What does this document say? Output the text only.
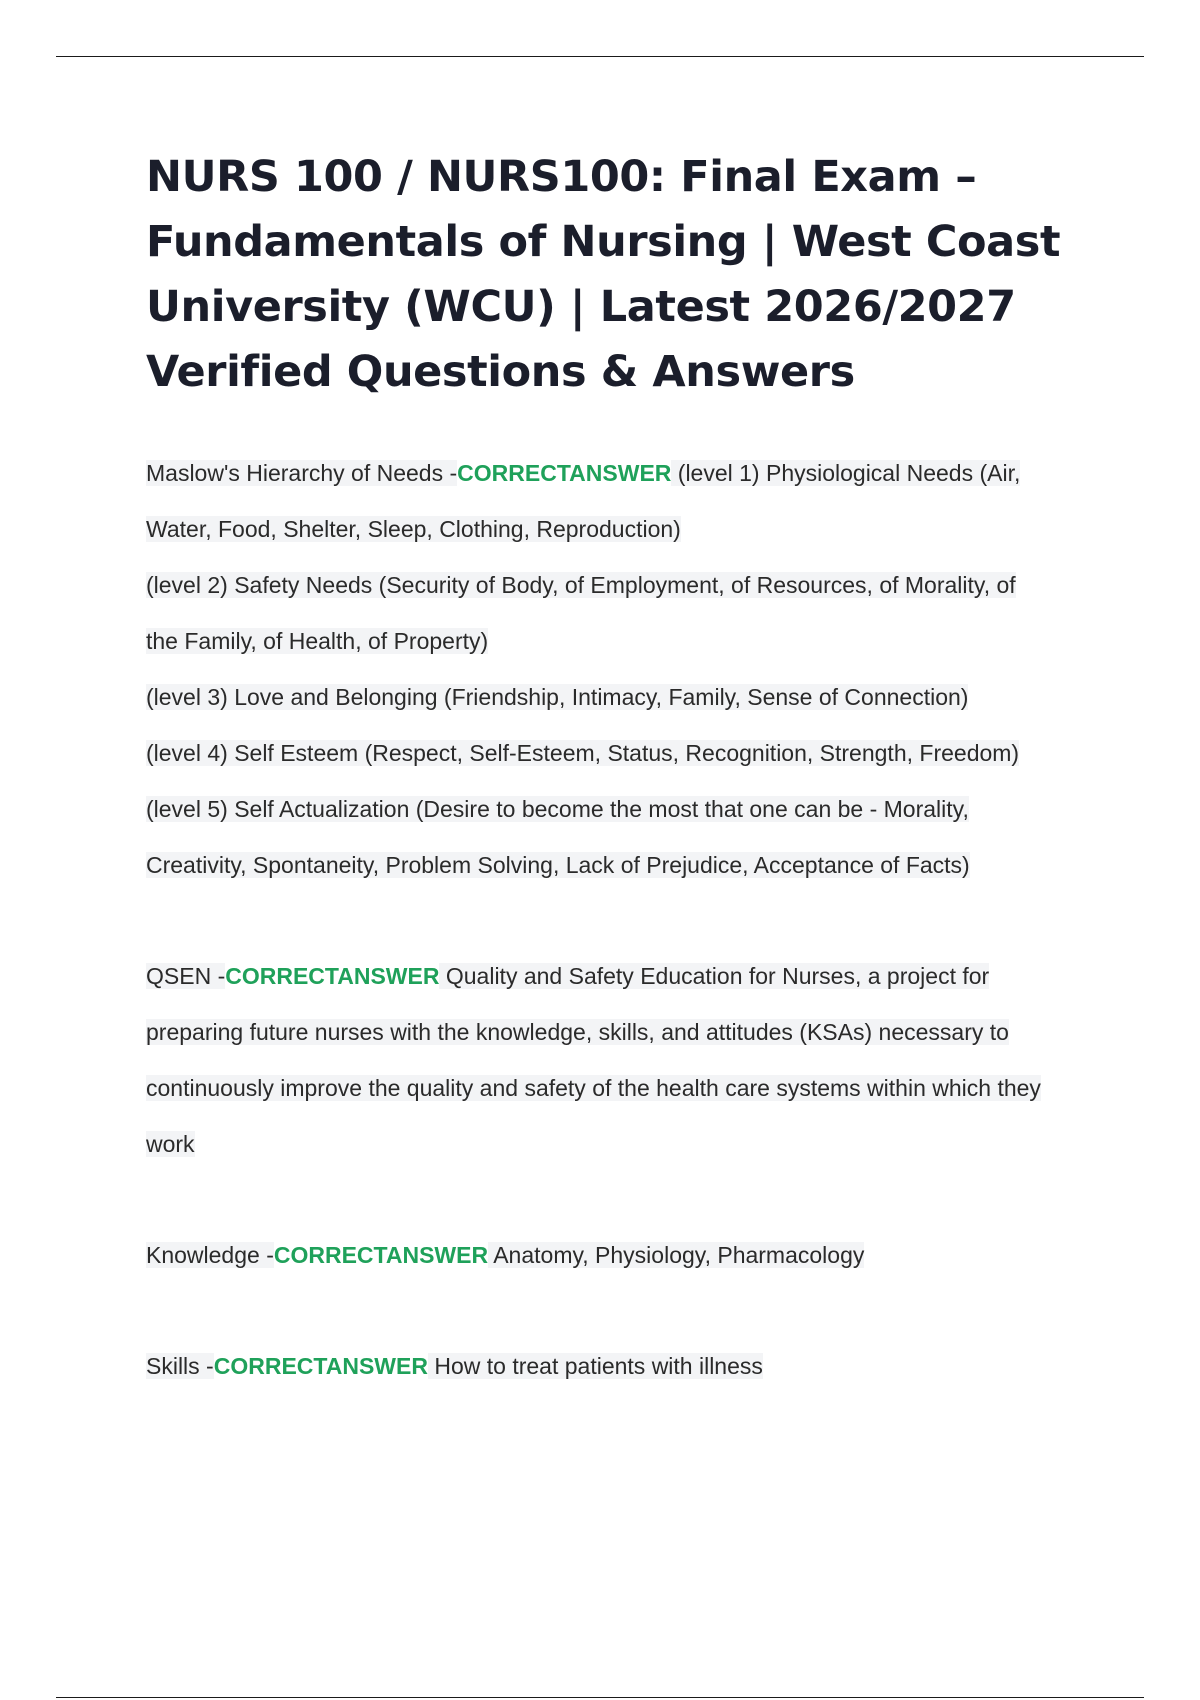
NURS 100 / NURS100: Final Exam –
Fundamentals of Nursing | West Coast
University (WCU) | Latest 2026/2027
Verified Questions & Answers
Maslow's Hierarchy of Needs -CORRECTANSWER (level 1) Physiological Needs (Air,
Water, Food, Shelter, Sleep, Clothing, Reproduction)
(level 2) Safety Needs (Security of Body, of Employment, of Resources, of Morality, of
the Family, of Health, of Property)
(level 3) Love and Belonging (Friendship, Intimacy, Family, Sense of Connection)
(level 4) Self Esteem (Respect, Self-Esteem, Status, Recognition, Strength, Freedom)
(level 5) Self Actualization (Desire to become the most that one can be - Morality,
Creativity, Spontaneity, Problem Solving, Lack of Prejudice, Acceptance of Facts)
QSEN -CORRECTANSWER Quality and Safety Education for Nurses, a project for
preparing future nurses with the knowledge, skills, and attitudes (KSAs) necessary to
continuously improve the quality and safety of the health care systems within which they
work
Knowledge -CORRECTANSWER Anatomy, Physiology, Pharmacology
Skills -CORRECTANSWER How to treat patients with illness
